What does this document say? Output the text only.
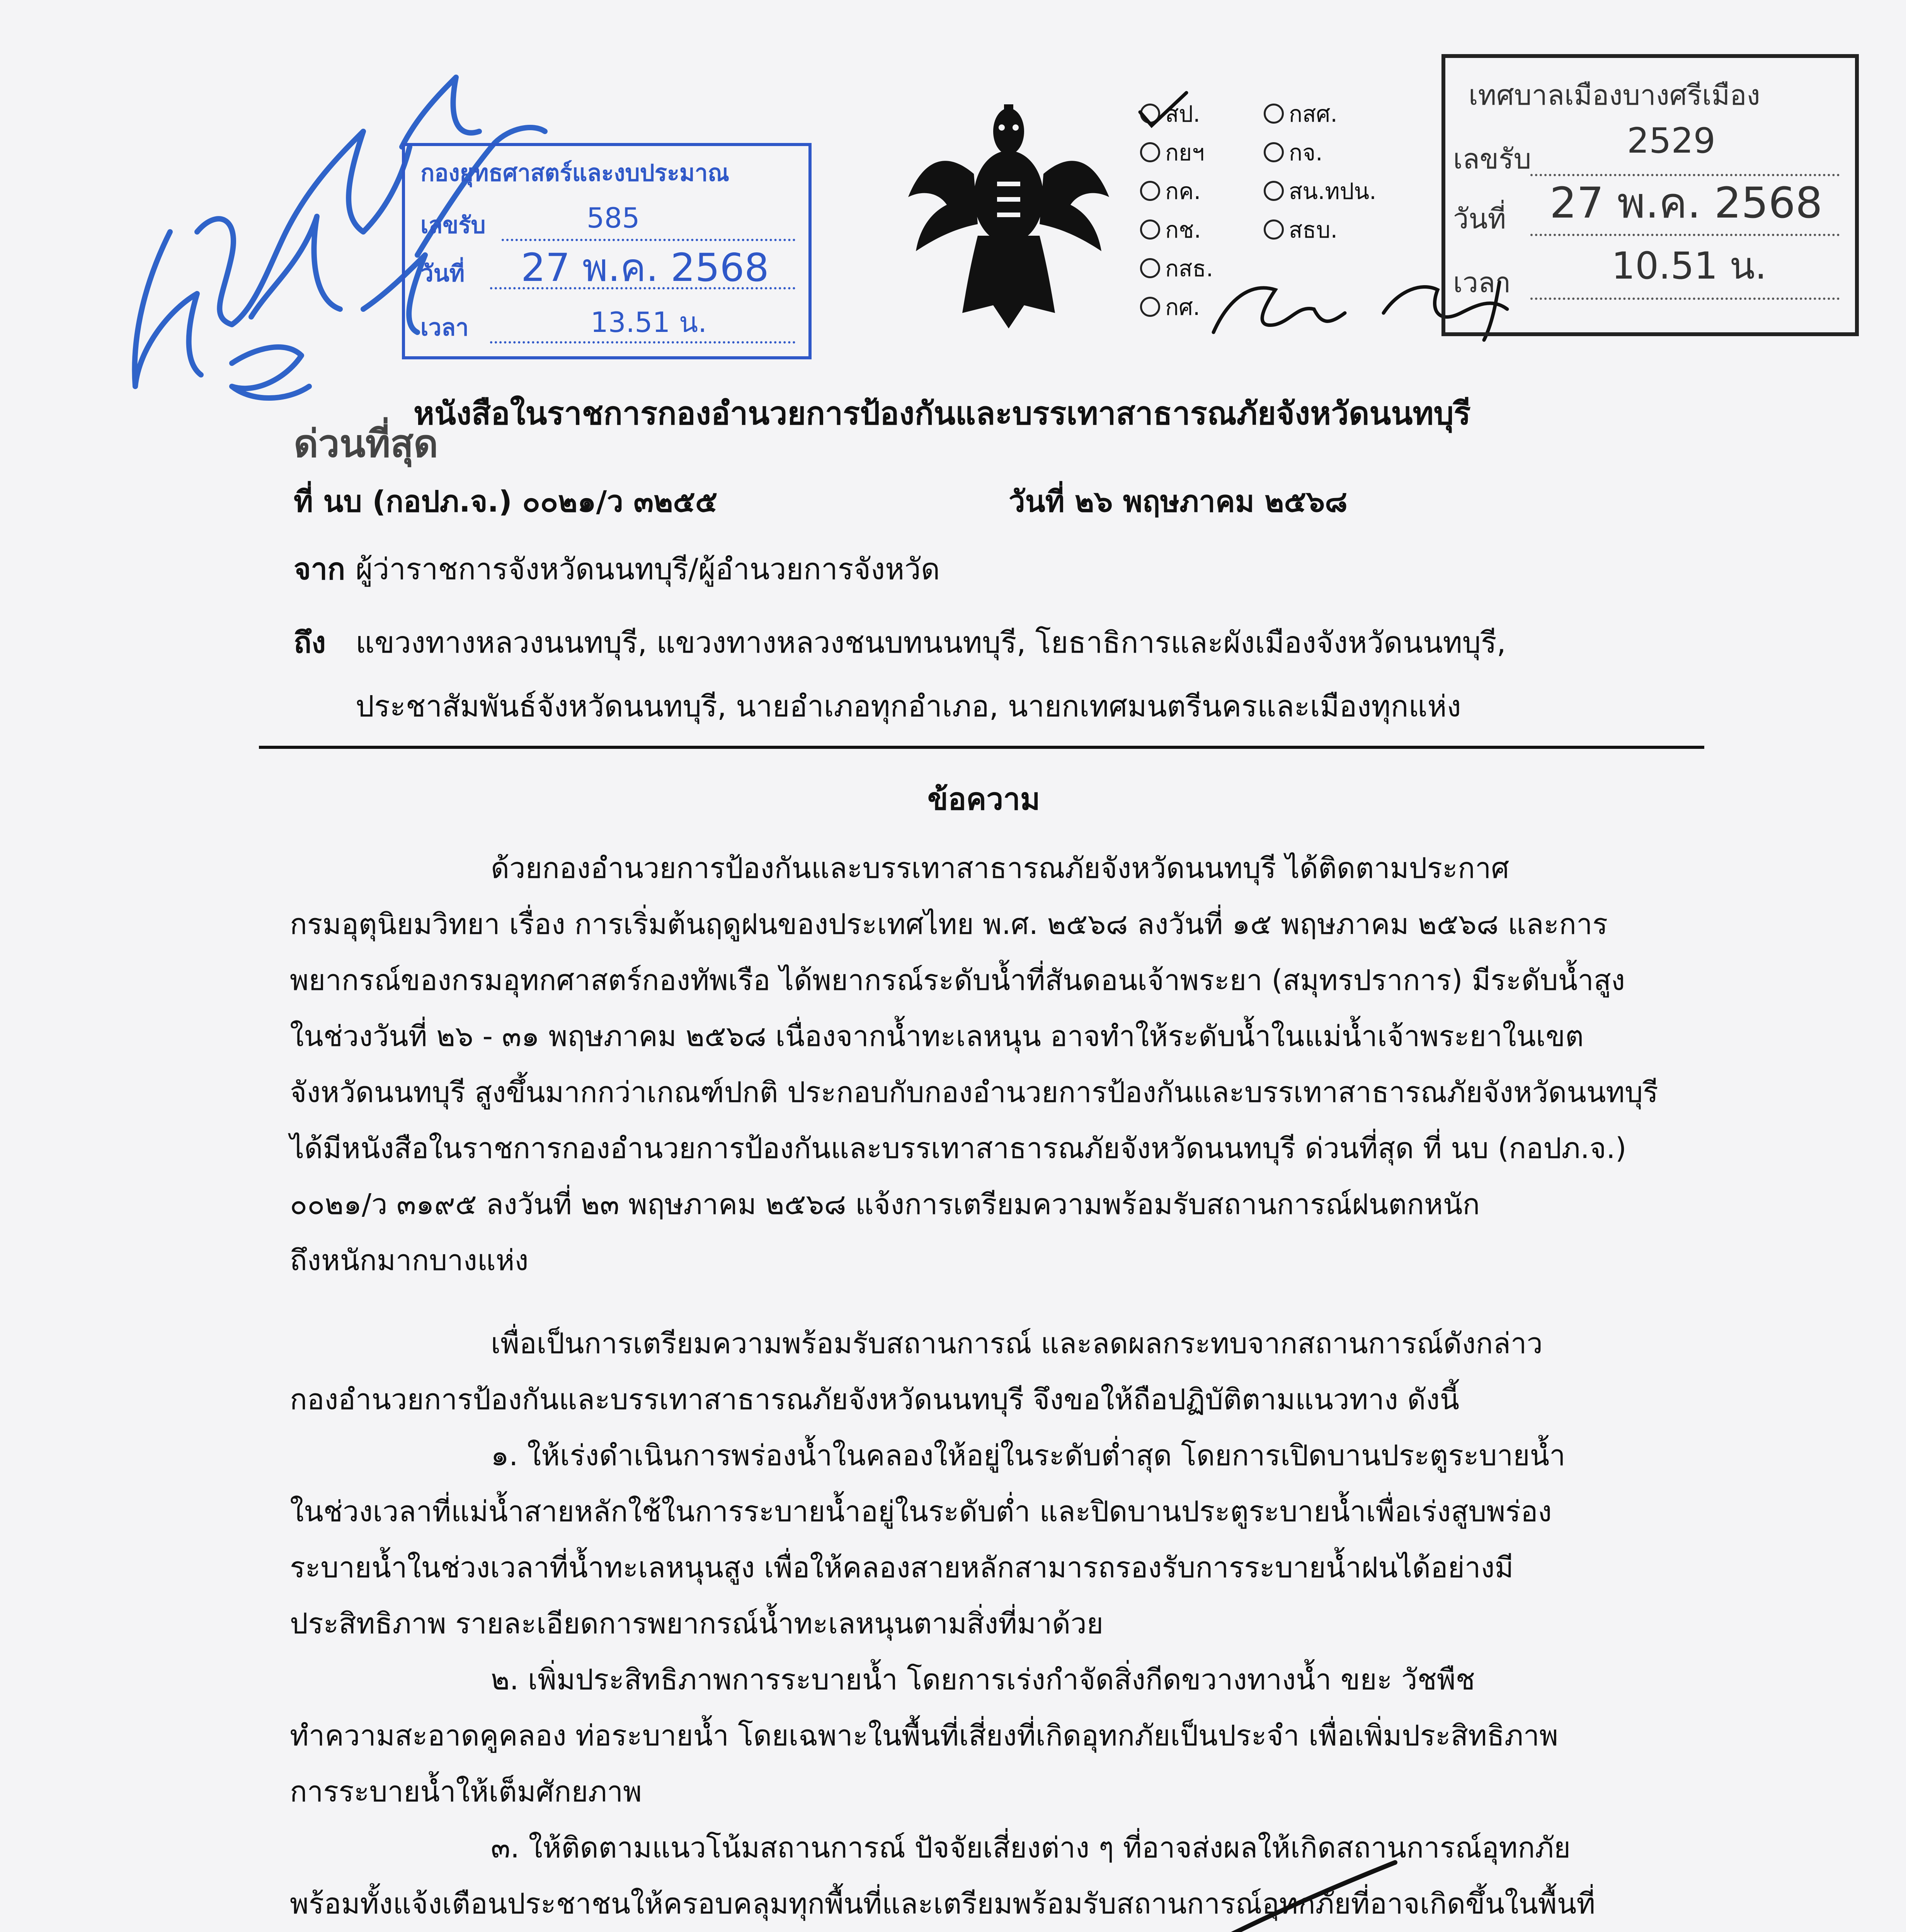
กองยุทธศาสตร์และงบประมาณ
เลขรับ	585
วันที่ 27 พ.ค. 2568
เวลา	13.51 น.
สป.
กยฯ
กค.
กช.
กสธ.
กศ.
กสศ.
กจ.
สน.ทปน.
สธบ.
เทศบาลเมืองบางศรีเมือง
เลขรับ	2529
วันที่ 27 พ.ค. 2568
เวลา	10.51 น.
หนังสือในราชการกองอำนวยการป้องกันและบรรเทาสาธารณภัยจังหวัดนนทบุรี
ด่วนที่สุด
ที่ นบ (กอปภ.จ.) ๐๐๒๑/ว ๓๒๕๕	วันที่ ๒๖ พฤษภาคม ๒๕๖๘
จาก ผู้ว่าราชการจังหวัดนนทบุรี/ผู้อำนวยการจังหวัด
ถึง แขวงทางหลวงนนทบุรี, แขวงทางหลวงชนบทนนทบุรี, โยธาธิการและผังเมืองจังหวัดนนทบุรี,
ประชาสัมพันธ์จังหวัดนนทบุรี, นายอำเภอทุกอำเภอ, นายกเทศมนตรีนครและเมืองทุกแห่ง
ข้อความ
ด้วยกองอำนวยการป้องกันและบรรเทาสาธารณภัยจังหวัดนนทบุรี ได้ติดตามประกาศ
กรมอุตุนิยมวิทยา เรื่อง การเริ่มต้นฤดูฝนของประเทศไทย พ.ศ. ๒๕๖๘ ลงวันที่ ๑๕ พฤษภาคม ๒๕๖๘ และการ
พยากรณ์ของกรมอุทกศาสตร์กองทัพเรือ ได้พยากรณ์ระดับน้ำที่สันดอนเจ้าพระยา (สมุทรปราการ) มีระดับน้ำสูง
ในช่วงวันที่ ๒๖ - ๓๑ พฤษภาคม ๒๕๖๘ เนื่องจากน้ำทะเลหนุน อาจทำให้ระดับน้ำในแม่น้ำเจ้าพระยาในเขต
จังหวัดนนทบุรี สูงขึ้นมากกว่าเกณฑ์ปกติ ประกอบกับกองอำนวยการป้องกันและบรรเทาสาธารณภัยจังหวัดนนทบุรี
ได้มีหนังสือในราชการกองอำนวยการป้องกันและบรรเทาสาธารณภัยจังหวัดนนทบุรี ด่วนที่สุด ที่ นบ (กอปภ.จ.)
๐๐๒๑/ว ๓๑๙๕ ลงวันที่ ๒๓ พฤษภาคม ๒๕๖๘ แจ้งการเตรียมความพร้อมรับสถานการณ์ฝนตกหนัก
ถึงหนักมากบางแห่ง
เพื่อเป็นการเตรียมความพร้อมรับสถานการณ์ และลดผลกระทบจากสถานการณ์ดังกล่าว
กองอำนวยการป้องกันและบรรเทาสาธารณภัยจังหวัดนนทบุรี จึงขอให้ถือปฏิบัติตามแนวทาง ดังนี้
๑. ให้เร่งดำเนินการพร่องน้ำในคลองให้อยู่ในระดับต่ำสุด โดยการเปิดบานประตูระบายน้ำ
ในช่วงเวลาที่แม่น้ำสายหลักใช้ในการระบายน้ำอยู่ในระดับต่ำ และปิดบานประตูระบายน้ำเพื่อเร่งสูบพร่อง
ระบายน้ำในช่วงเวลาที่น้ำทะเลหนุนสูง เพื่อให้คลองสายหลักสามารถรองรับการระบายน้ำฝนได้อย่างมี
ประสิทธิภาพ รายละเอียดการพยากรณ์น้ำทะเลหนุนตามสิ่งที่มาด้วย
๒. เพิ่มประสิทธิภาพการระบายน้ำ โดยการเร่งกำจัดสิ่งกีดขวางทางน้ำ ขยะ วัชพืช
ทำความสะอาดคูคลอง ท่อระบายน้ำ โดยเฉพาะในพื้นที่เสี่ยงที่เกิดอุทกภัยเป็นประจำ เพื่อเพิ่มประสิทธิภาพ
การระบายน้ำให้เต็มศักยภาพ
๓. ให้ติดตามแนวโน้มสถานการณ์ ปัจจัยเสี่ยงต่าง ๆ ที่อาจส่งผลให้เกิดสถานการณ์อุทกภัย
พร้อมทั้งแจ้งเตือนประชาชนให้ครอบคลุมทุกพื้นที่และเตรียมพร้อมรับสถานการณ์อุทกภัยที่อาจเกิดขึ้นในพื้นที่
